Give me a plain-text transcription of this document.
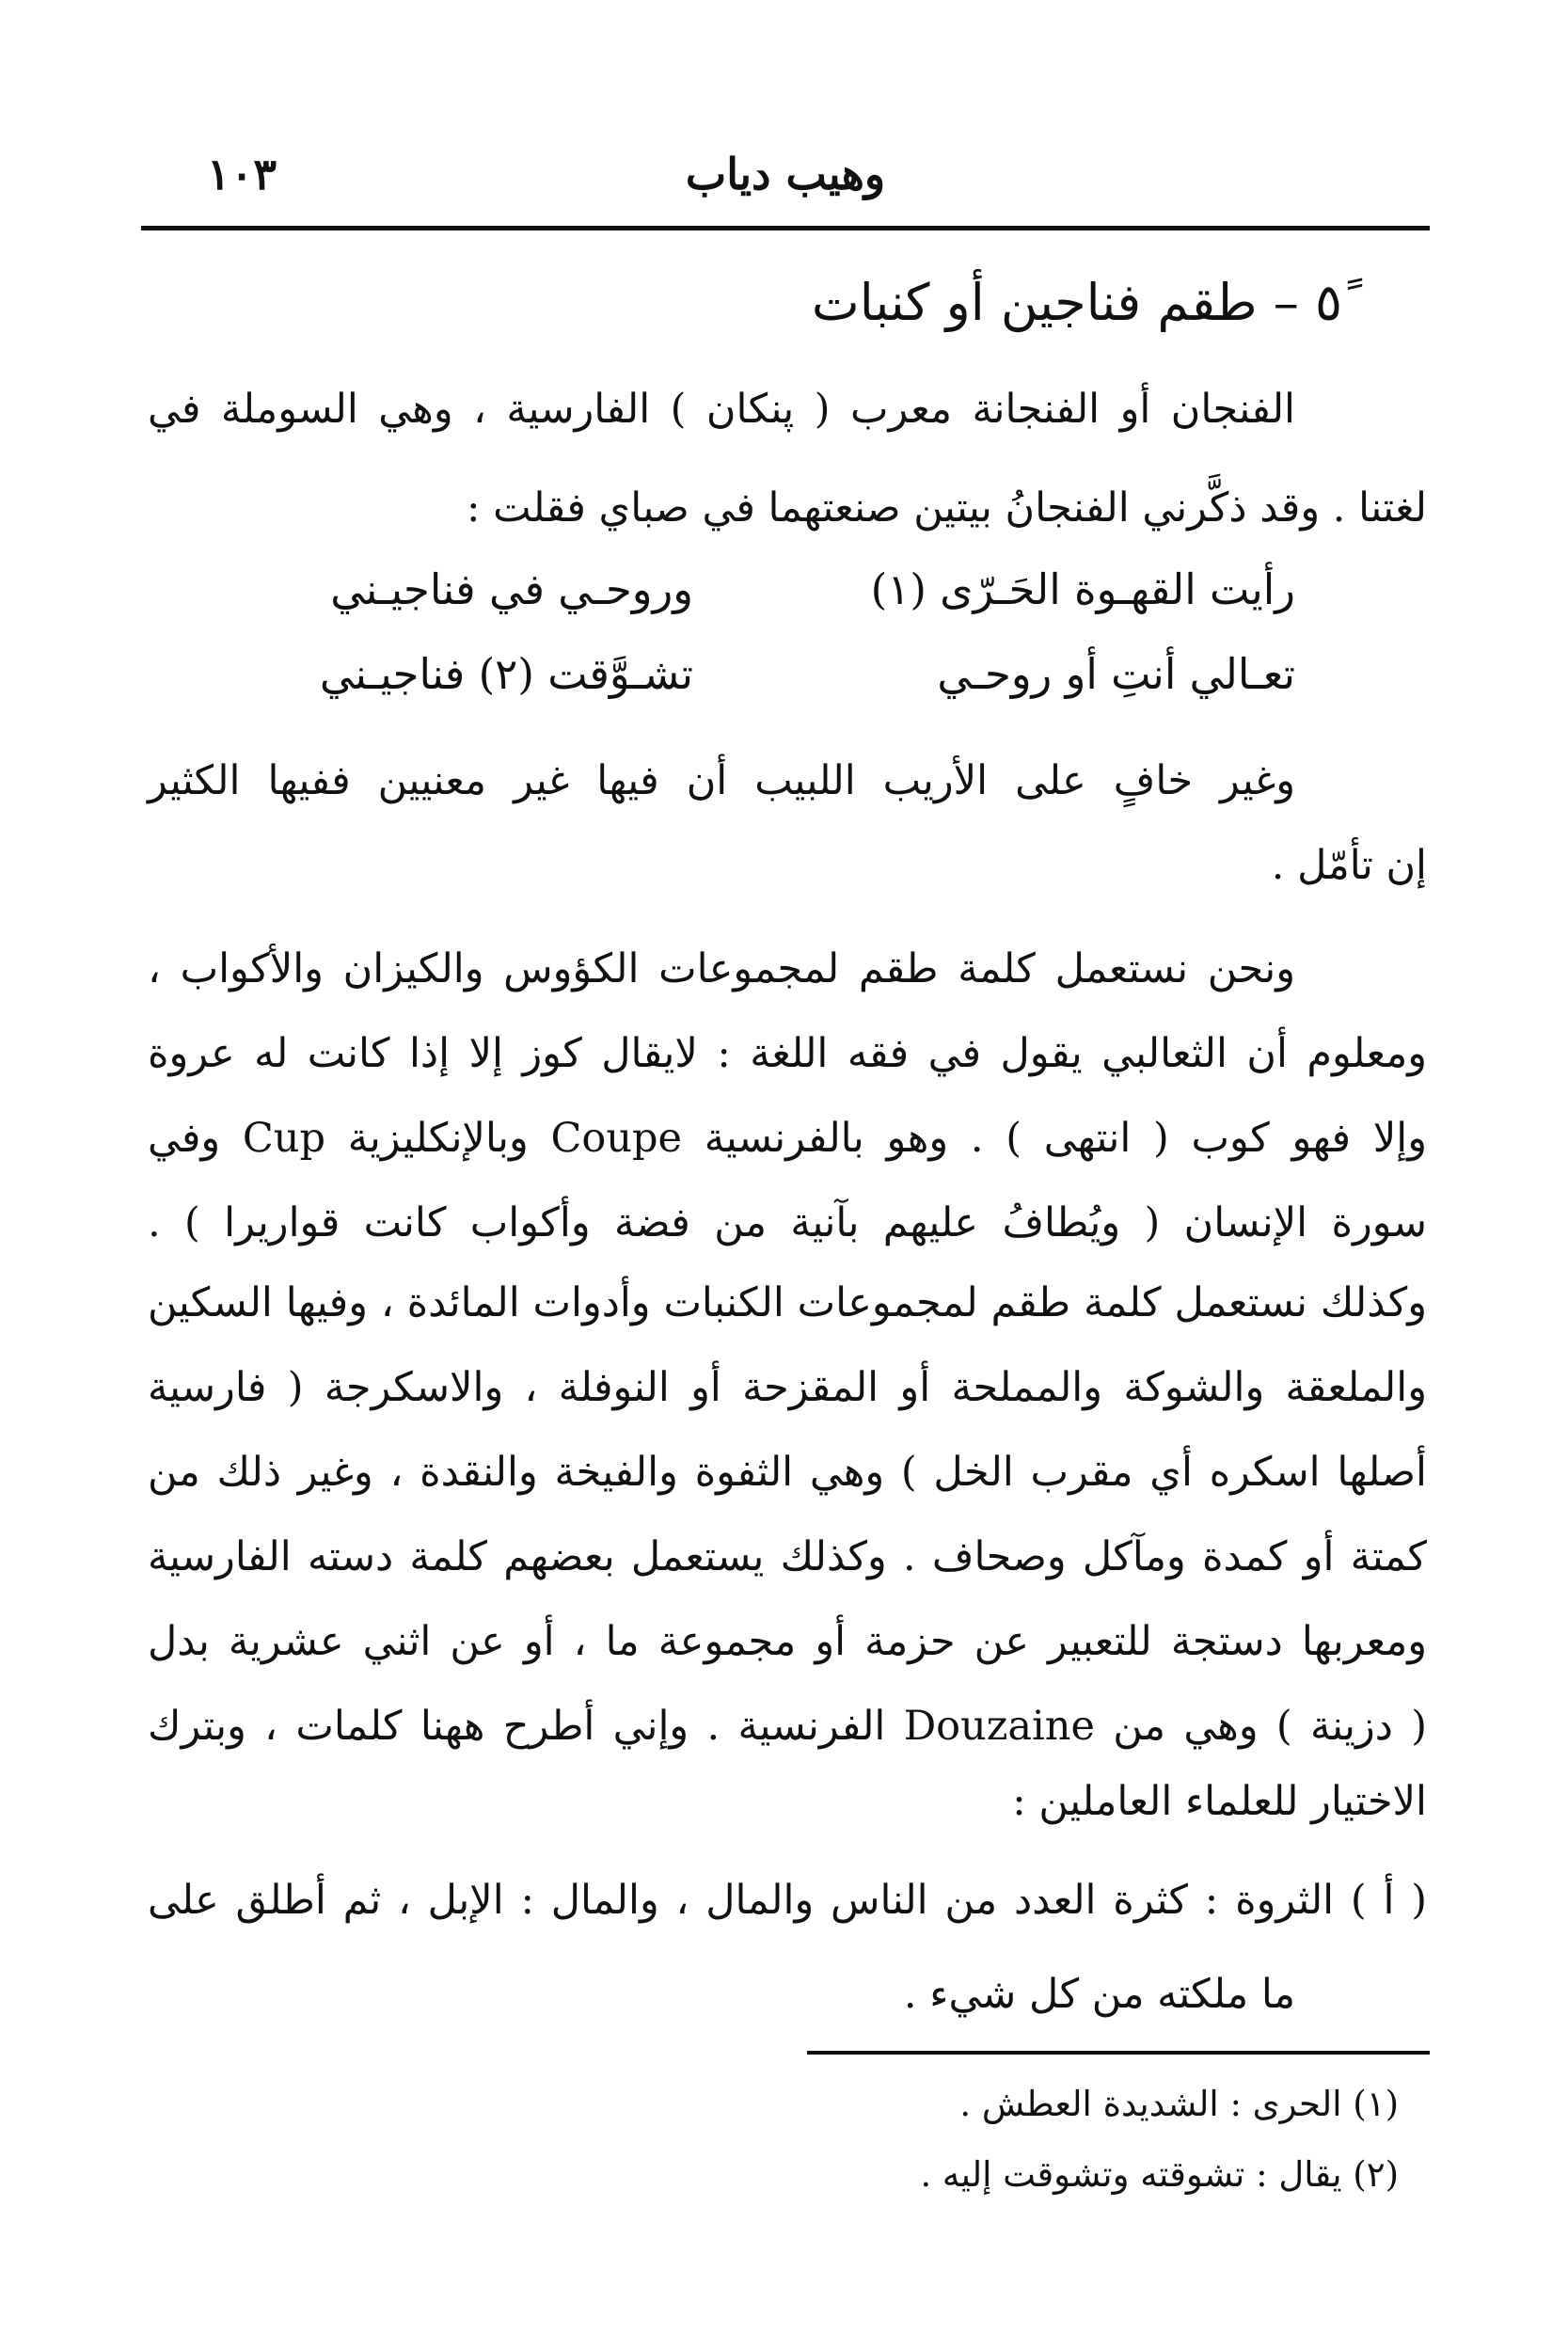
١٠٣	وهيب دياب
٥ً – طقم فناجين أو كنبات
الفنجان أو الفنجانة معرب ( پنكان ) الفارسية ، وهي السوملة في
لغتنا . وقد ذكَّرني الفنجانُ بيتين صنعتهما في صباي فقلت :
رأيت القهـوة الحَـرّى (١)
وروحـي في فناجيـني
تعـالي أنتِ أو روحـي
تشـوَّقت (٢) فناجيـني
وغير خافٍ على الأريب اللبيب أن فيها غير معنيين ففيها الكثير
إن تأمّل .
ونحن نستعمل كلمة طقم لمجموعات الكؤوس والكيزان والأكواب ،
ومعلوم أن الثعالبي يقول في فقه اللغة : لايقال كوز إلا إذا كانت له عروة
وإلا فهو كوب ( انتهى ) . وهو بالفرنسية Coupe وبالإنكليزية Cup وفي
سورة الإنسان ( ويُطافُ عليهم بآنية من فضة وأكواب كانت قواريرا ) .
وكذلك نستعمل كلمة طقم لمجموعات الكنبات وأدوات المائدة ، وفيها السكين
والملعقة والشوكة والمملحة أو المقزحة أو النوفلة ، والاسكرجة ( فارسية
أصلها اسكره أي مقرب الخل ) وهي الثفوة والفيخة والنقدة ، وغير ذلك من
كمتة أو كمدة ومآكل وصحاف . وكذلك يستعمل بعضهم كلمة دسته الفارسية
ومعربها دستجة للتعبير عن حزمة أو مجموعة ما ، أو عن اثني عشرية بدل
( دزينة ) وهي من Douzaine الفرنسية . وإني أطرح ههنا كلمات ، وبترك
الاختيار للعلماء العاملين :
( أ ) الثروة : كثرة العدد من الناس والمال ، والمال : الإبل ، ثم أطلق على
ما ملكته من كل شيء .
(١) الحرى : الشديدة العطش .
(٢) يقال : تشوقته وتشوقت إليه .
